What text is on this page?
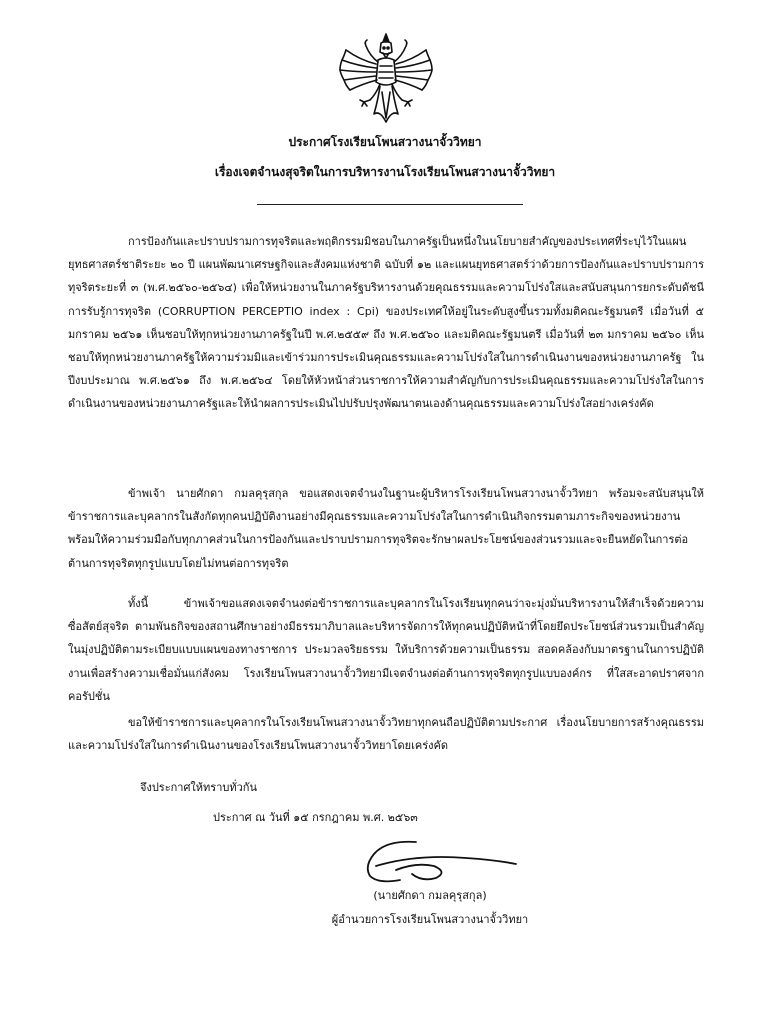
ประกาศโรงเรียนโพนสวางนาจั้ววิทยา
เรื่องเจตจำนงสุจริตในการบริหารงานโรงเรียนโพนสวางนาจั้ววิทยา

การป้องกันและปราบปรามการทุจริตและพฤติกรรมมิชอบในภาครัฐเป็นหนึ่งในนโยบายสำคัญของประเทศที่ระบุไว้ในแผนยุทธศาสตร์ชาติระยะ ๒๐ ปี แผนพัฒนาเศรษฐกิจและสังคมแห่งชาติ ฉบับที่ ๑๒ และแผนยุทธศาสตร์ว่าด้วยการป้องกันและปราบปรามการทุจริตระยะที่ ๓ (พ.ศ.๒๕๖๐-๒๕๖๔) เพื่อให้หน่วยงานในภาครัฐบริหารงานด้วยคุณธรรมและความโปร่งใสและสนับสนุนการยกระดับดัชนีการรับรู้การทุจริต (CORRUPTION PERCEPTIO index : Cpi) ของประเทศให้อยู่ในระดับสูงขึ้นรวมทั้งมติคณะรัฐมนตรี เมื่อวันที่ ๕ มกราคม ๒๕๖๑ เห็นชอบให้ทุกหน่วยงานภาครัฐในปี พ.ศ.๒๕๕๙ ถึง พ.ศ.๒๕๖๐ และมติคณะรัฐมนตรี เมื่อวันที่ ๒๓ มกราคม ๒๕๖๐ เห็นชอบให้ทุกหน่วยงานภาครัฐให้ความร่วมมิและเข้าร่วมการประเมินคุณธรรมและความโปร่งใสในการดำเนินงานของหน่วยงานภาครัฐ ในปีงบประมาณ พ.ศ.๒๕๖๑ ถึง พ.ศ.๒๕๖๔ โดยให้หัวหน้าส่วนราชการให้ความสำคัญกับการประเมินคุณธรรมและความโปร่งใสในการดำเนินงานของหน่วยงานภาครัฐและให้นำผลการประเมินไปปรับปรุงพัฒนาตนเองด้านคุณธรรมและความโปร่งใสอย่างเคร่งคัด

ข้าพเจ้า นายศักดา กมลคุรุสกุล ขอแสดงเจตจำนงในฐานะผู้บริหารโรงเรียนโพนสวางนาจั้ววิทยา พร้อมจะสนับสนุนให้ข้าราชการและบุคลากรในสังกัดทุกคนปฏิบัติงานอย่างมีคุณธรรมและความโปร่งใสในการดำเนินกิจกรรมตามภาระกิจของหน่วยงานพร้อมให้ความร่วมมือกับทุกภาคส่วนในการป้องกันและปราบปรามการทุจริตจะรักษาผลประโยชน์ของส่วนรวมและจะยืนหยัดในการต่อต้านการทุจริตทุกรูปแบบโดยไม่ทนต่อการทุจริต

ทั้งนี้ ข้าพเจ้าขอแสดงเจตจำนงต่อข้าราชการและบุคลากรในโรงเรียนทุกคนว่าจะมุ่งมั่นบริหารงานให้สำเร็จด้วยความซื่อสัตย์สุจริต ตามพันธกิจของสถานศึกษาอย่างมีธรรมาภิบาลและบริหารจัดการให้ทุกคนปฏิบัติหน้าที่โดยยึดประโยชน์ส่วนรวมเป็นสำคัญในมุ่งปฏิบัติตามระเบียบแบบแผนของทางราชการ ประมวลจริยธรรม ให้บริการด้วยความเป็นธรรม สอดคล้องกับมาตรฐานในการปฏิบัติงานเพื่อสร้างความเชื่อมั่นแก่สังคม โรงเรียนโพนสวางนาจั้ววิทยามีเจตจำนงต่อต้านการทุจริตทุกรูปแบบองค์กร ที่ใสสะอาดปราศจากคอรัปชั่น

ขอให้ข้าราชการและบุคลากรในโรงเรียนโพนสวางนาจั้ววิทยาทุกคนถือปฏิบัติตามประกาศ เรื่องนโยบายการสร้างคุณธรรมและความโปร่งใสในการดำเนินงานของโรงเรียนโพนสวางนาจั้ววิทยาโดยเคร่งคัด

จึงประกาศให้ทราบทั่วกัน
ประกาศ ณ วันที่ ๑๕ กรกฎาคม พ.ศ. ๒๕๖๓
(นายศักดา กมลคุรุสกุล)
ผู้อำนวยการโรงเรียนโพนสวางนาจั้ววิทยา
